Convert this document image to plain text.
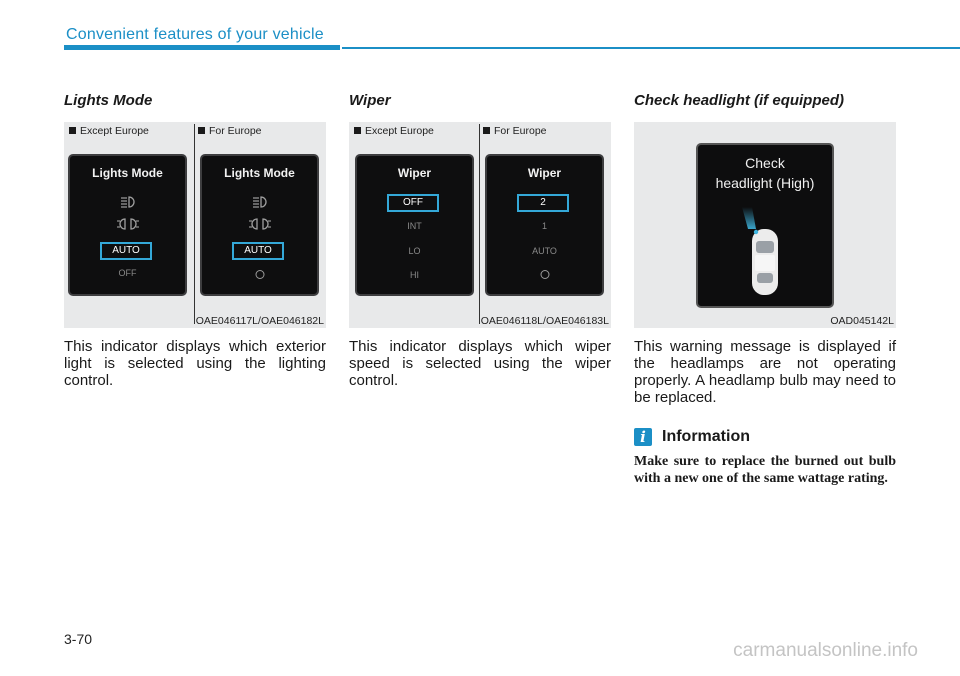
Convenient features of your vehicle
Lights Mode
Except Europe	For Europe
Lights Mode
AUTO
OFF
Lights Mode
AUTO
OAE046117L/OAE046182L
This indicator displays which exterior light is selected using the lighting control.
Wiper
Except Europe	For Europe
Wiper
OFF
INT
LO
HI
Wiper
2
1
AUTO
OAE046118L/OAE046183L
This indicator displays which wiper speed is selected using the wiper control.
Check headlight (if equipped)
Check
headlight (High)
OAD045142L
This warning message is displayed if the headlamps are not operating properly. A headlamp bulb may need to be replaced.
i	Information
Make sure to replace the burned out bulb with a new one of the same wattage rating.
3-70
carmanualsonline.info
